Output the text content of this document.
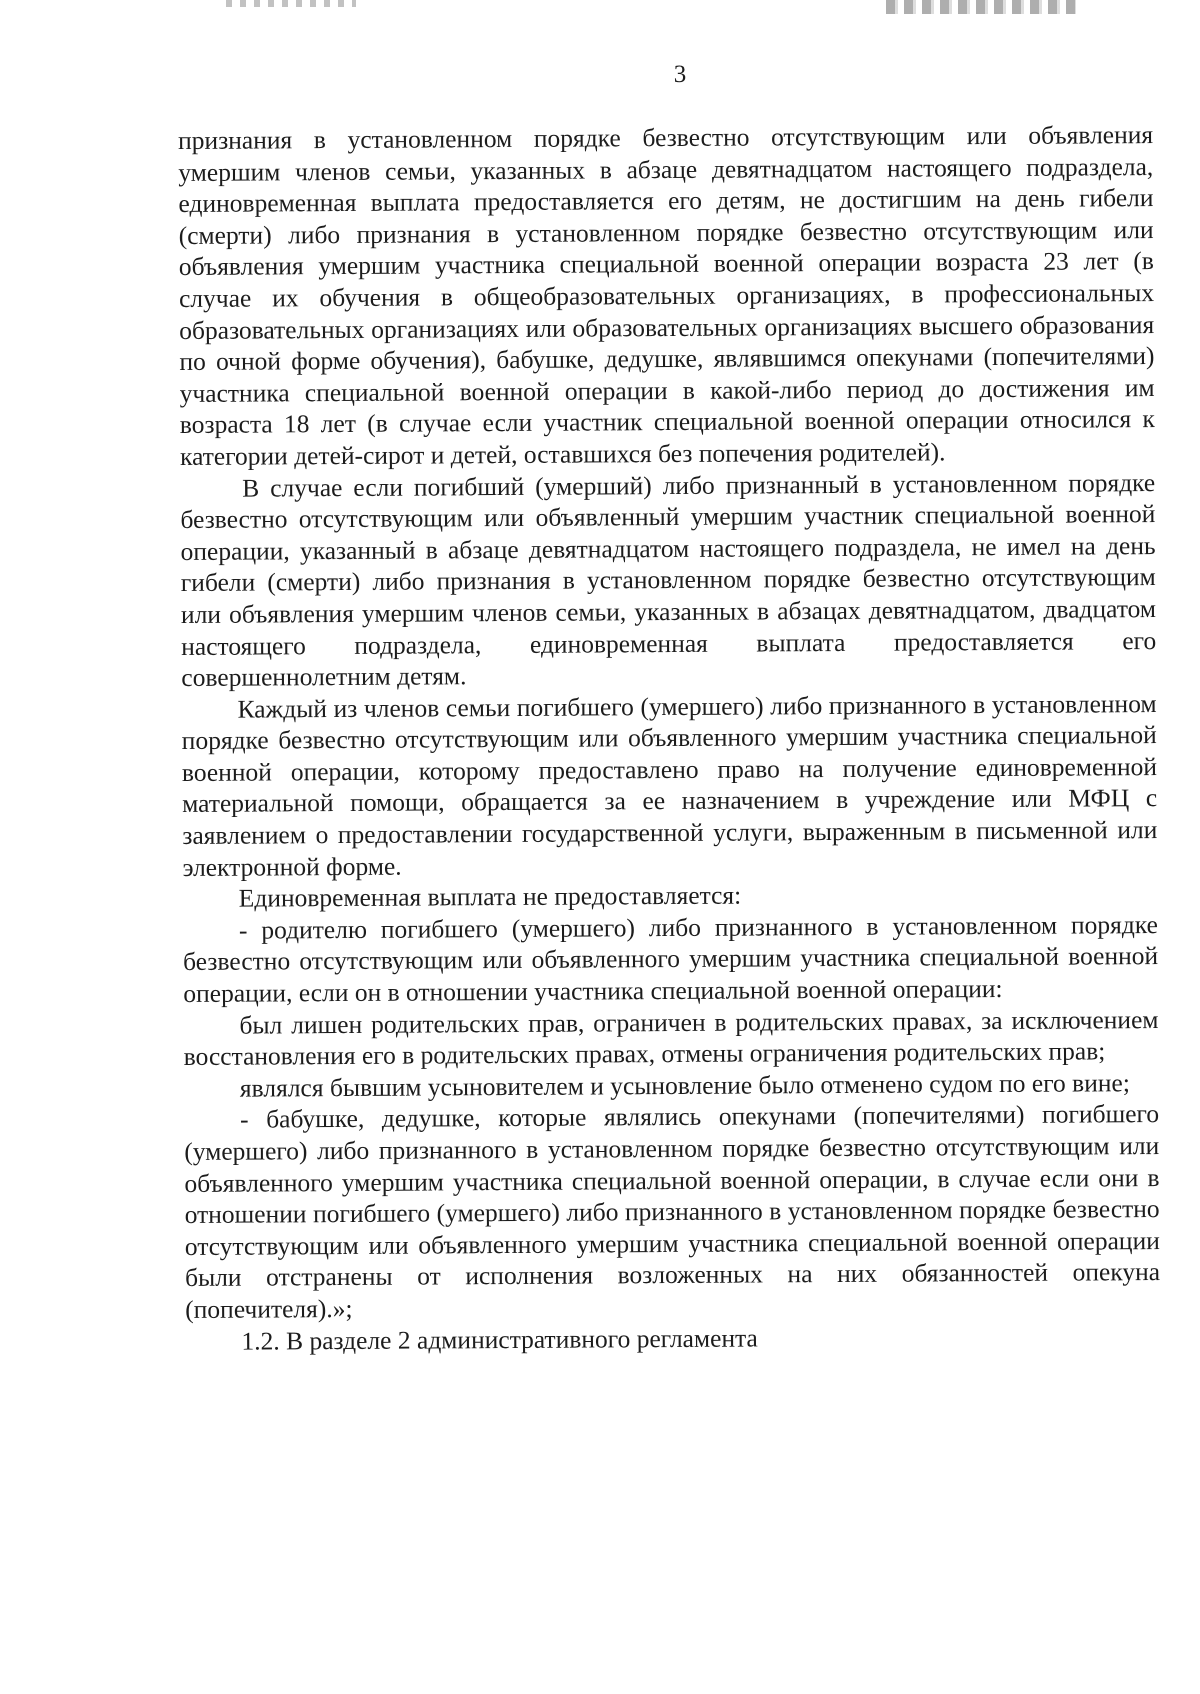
3

признания в установленном порядке безвестно отсутствующим или объявления умершим членов семьи, указанных в абзаце девятнадцатом настоящего подраздела, единовременная выплата предоставляется его детям, не достигшим на день гибели (смерти) либо признания в установленном порядке безвестно отсутствующим или объявления умершим участника специальной военной операции возраста 23 лет (в случае их обучения в общеобразовательных организациях, в профессиональных образовательных организациях или образовательных организациях высшего образования по очной форме обучения), бабушке, дедушке, являвшимся опекунами (попечителями) участника специальной военной операции в какой-либо период до достижения им возраста 18 лет (в случае если участник специальной военной операции относился к категории детей-сирот и детей, оставшихся без попечения родителей).

В случае если погибший (умерший) либо признанный в установленном порядке безвестно отсутствующим или объявленный умершим участник специальной военной операции, указанный в абзаце девятнадцатом настоящего подраздела, не имел на день гибели (смерти) либо признания в установленном порядке безвестно отсутствующим или объявления умершим членов семьи, указанных в абзацах девятнадцатом, двадцатом настоящего подраздела, единовременная выплата предоставляется его совершеннолетним детям.

Каждый из членов семьи погибшего (умершего) либо признанного в установленном порядке безвестно отсутствующим или объявленного умершим участника специальной военной операции, которому предоставлено право на получение единовременной материальной помощи, обращается за ее назначением в учреждение или МФЦ с заявлением о предоставлении государственной услуги, выраженным в письменной или электронной форме.

Единовременная выплата не предоставляется:

- родителю погибшего (умершего) либо признанного в установленном порядке безвестно отсутствующим или объявленного умершим участника специальной военной операции, если он в отношении участника специальной военной операции:

был лишен родительских прав, ограничен в родительских правах, за исключением восстановления его в родительских правах, отмены ограничения родительских прав;

являлся бывшим усыновителем и усыновление было отменено судом по его вине;

- бабушке, дедушке, которые являлись опекунами (попечителями) погибшего (умершего) либо признанного в установленном порядке безвестно отсутствующим или объявленного умершим участника специальной военной операции, в случае если они в отношении погибшего (умершего) либо признанного в установленном порядке безвестно отсутствующим или объявленного умершим участника специальной военной операции были отстранены от исполнения возложенных на них обязанностей опекуна (попечителя).»;

1.2. В разделе 2 административного регламента
